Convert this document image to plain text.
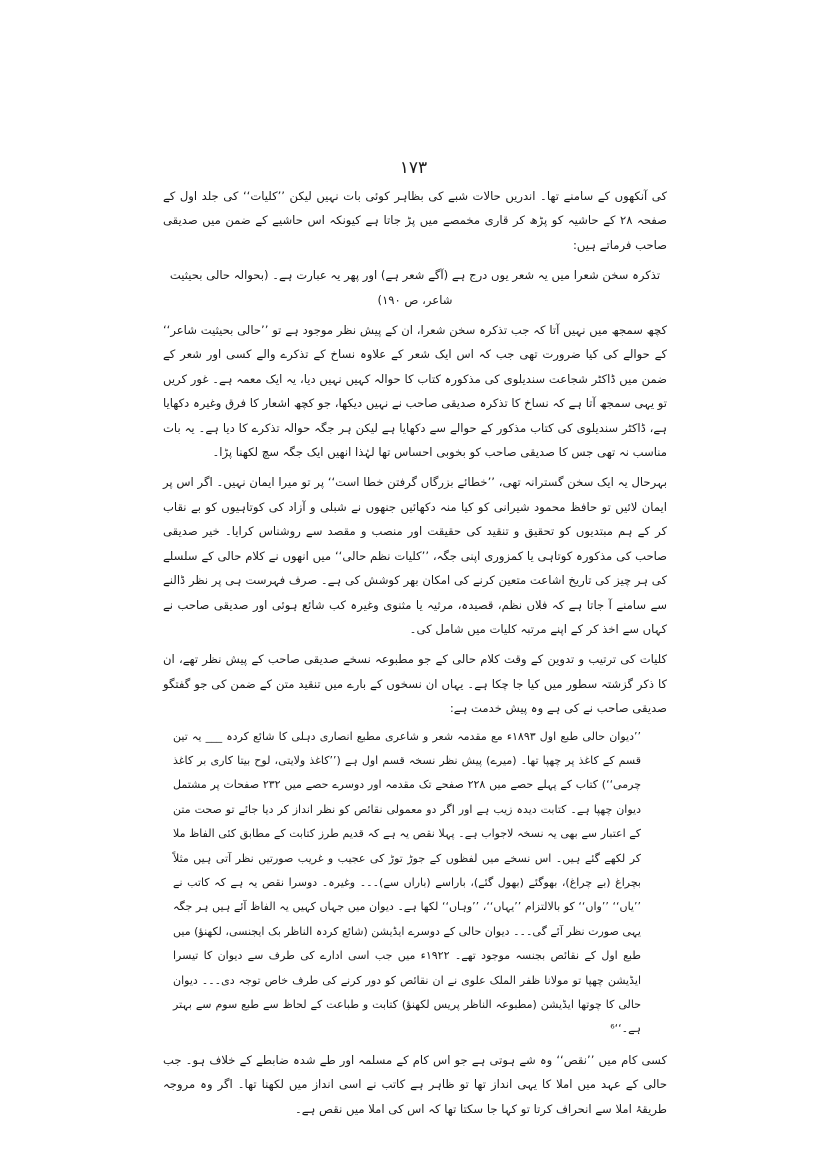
۱۷۳

کی آنکھوں کے سامنے تھا۔ اندریں حالات شبے کی بظاہر کوئی بات نہیں لیکن ’’کلیات‘‘ کی جلد اول کے صفحہ ۲۸ کے حاشیہ کو پڑھ کر قاری مخمصے میں پڑ جاتا ہے کیونکہ اس حاشیے کے ضمن میں صدیقی صاحب فرماتے ہیں:

تذکرہ سخن شعرا میں یہ شعر یوں درج ہے (آگے شعر ہے) اور پھر یہ عبارت ہے۔ (بحوالہ حالی بحیثیت شاعر، ص ۱۹۰)

کچھ سمجھ میں نہیں آتا کہ جب تذکرہ سخن شعرا، ان کے پیش نظر موجود ہے تو ’’حالی بحیثیت شاعر‘‘ کے حوالے کی کیا ضرورت تھی جب کہ اس ایک شعر کے علاوہ نساخ کے تذکرے والے کسی اور شعر کے ضمن میں ڈاکٹر شجاعت سندیلوی کی مذکورہ کتاب کا حوالہ کہیں نہیں دیا، یہ ایک معمہ ہے۔ غور کریں تو یہی سمجھ آتا ہے کہ نساخ کا تذکرہ صدیقی صاحب نے نہیں دیکھا، جو کچھ اشعار کا فرق وغیرہ دکھایا ہے، ڈاکٹر سندیلوی کی کتاب مذکور کے حوالے سے دکھایا ہے لیکن ہر جگہ حوالہ تذکرے کا دیا ہے۔ یہ بات مناسب نہ تھی جس کا صدیقی صاحب کو بخوبی احساس تھا لہٰذا انھیں ایک جگہ سچ لکھنا پڑا۔

بہرحال یہ ایک سخن گسترانہ تھی، ’’خطائے بزرگاں گرفتن خطا است‘‘ پر تو میرا ایمان نہیں۔ اگر اس پر ایمان لائیں تو حافظ محمود شیرانی کو کیا منہ دکھائیں جنھوں نے شبلی و آزاد کی کوتاہیوں کو بے نقاب کر کے ہم مبتدیوں کو تحقیق و تنقید کی حقیقت اور منصب و مقصد سے روشناس کرایا۔ خیر صدیقی صاحب کی مذکورہ کوتاہی یا کمزوری اپنی جگہ، ’’کلیات نظم حالی‘‘ میں انھوں نے کلام حالی کے سلسلے کی ہر چیز کی تاریخ اشاعت متعین کرنے کی امکان بھر کوشش کی ہے۔ صرف فہرست ہی پر نظر ڈالنے سے سامنے آ جاتا ہے کہ فلاں نظم، قصیدہ، مرثیہ یا مثنوی وغیرہ کب شائع ہوئی اور صدیقی صاحب نے کہاں سے اخذ کر کے اپنے مرتبہ کلیات میں شامل کی۔

کلیات کی ترتیب و تدوین کے وقت کلام حالی کے جو مطبوعہ نسخے صدیقی صاحب کے پیش نظر تھے، ان کا ذکر گزشتہ سطور میں کیا جا چکا ہے۔ یہاں ان نسخوں کے بارے میں تنقید متن کے ضمن کی جو گفتگو صدیقی صاحب نے کی ہے وہ پیش خدمت ہے:

’’دیوان حالی طبع اول ۱۸۹۳ء مع مقدمہ شعر و شاعری مطبع انصاری دہلی کا شائع کردہ ___ یہ تین قسم کے کاغذ پر چھپا تھا۔ (میرے) پیش نظر نسخہ قسم اول ہے (’’کاغذ ولایتی، لوح بیتا کاری بر کاغذ چرمی‘‘) کتاب کے پہلے حصے میں ۲۲۸ صفحے تک مقدمہ اور دوسرے حصے میں ۲۳۲ صفحات پر مشتمل دیوان چھپا ہے۔ کتابت دیدہ زیب ہے اور اگر دو معمولی نقائص کو نظر انداز کر دیا جائے تو صحت متن کے اعتبار سے بھی یہ نسخہ لاجواب ہے۔ پہلا نقص یہ ہے کہ قدیم طرز کتابت کے مطابق کئی الفاظ ملا کر لکھے گئے ہیں۔ اس نسخے میں لفظوں کے جوڑ توڑ کی عجیب و غریب صورتیں نظر آتی ہیں مثلاً بچراغ (بے چراغ)، بھوگئے (بھول گئے)، باراسے (باراں سے)۔۔۔ وغیرہ۔ دوسرا نقص یہ ہے کہ کاتب نے ’’یاں‘‘ ’’واں‘‘ کو بالالتزام ’’یہاں‘‘، ’’وہاں‘‘ لکھا ہے۔ دیوان میں جہاں کہیں یہ الفاظ آئے ہیں ہر جگہ یہی صورت نظر آئے گی۔۔۔ دیوان حالی کے دوسرے ایڈیشن (شائع کردہ الناظر بک ایجنسی، لکھنؤ) میں طبع اول کے نقائص بجنسہ موجود تھے۔ ۱۹۲۲ء میں جب اسی ادارے کی طرف سے دیوان کا تیسرا ایڈیشن چھپا تو مولانا ظفر الملک علوی نے ان نقائص کو دور کرنے کی طرف خاص توجہ دی۔۔۔ دیوان حالی کا چوتھا ایڈیشن (مطبوعہ الناظر پریس لکھنؤ) کتابت و طباعت کے لحاظ سے طبع سوم سے بہتر ہے۔‘‘⁶

کسی کام میں ’’نقص‘‘ وہ شے ہوتی ہے جو اس کام کے مسلمہ اور طے شدہ ضابطے کے خلاف ہو۔ جب حالی کے عہد میں املا کا یہی انداز تھا تو ظاہر ہے کاتب نے اسی انداز میں لکھنا تھا۔ اگر وہ مروجہ طریقۂ املا سے انحراف کرتا تو کہا جا سکتا تھا کہ اس کی املا میں نقص ہے۔
